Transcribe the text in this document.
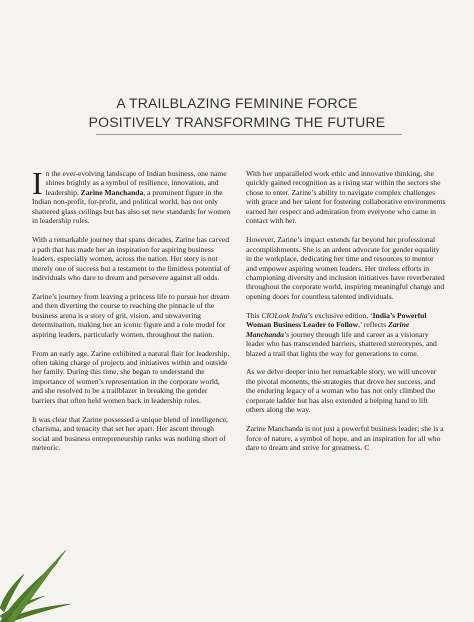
A TRAILBLAZING FEMININE FORCE
POSITIVELY TRANSFORMING THE FUTURE

In the ever-evolving landscape of Indian business, one name shines brightly as a symbol of resilience, innovation, and leadership. Zarine Manchanda, a prominent figure in the Indian non-profit, for-profit, and political world, has not only shattered glass ceilings but has also set new standards for women in leadership roles.

With a remarkable journey that spans decades, Zarine has carved a path that has made her an inspiration for aspiring business leaders, especially women, across the nation. Her story is not merely one of success but a testament to the limitless potential of individuals who dare to dream and persevere against all odds.

Zarine’s journey from leaving a princess life to pursue her dream and then diverting the course to reaching the pinnacle of the business arena is a story of grit, vision, and unwavering determination, making her an iconic figure and a role model for aspiring leaders, particularly women, throughout the nation.

From an early age, Zarine exhibited a natural flair for leadership, often taking charge of projects and initiatives within and outside her family. During this time, she began to understand the importance of women’s representation in the corporate world, and she resolved to be a trailblazer in breaking the gender barriers that often held women back in leadership roles.

It was clear that Zarine possessed a unique blend of intelligence, charisma, and tenacity that set her apart. Her ascent through social and business entrepreneurship ranks was nothing short of meteoric.

With her unparalleled work ethic and innovative thinking, she quickly gained recognition as a rising star within the sectors she chose to enter. Zarine’s ability to navigate complex challenges with grace and her talent for fostering collaborative environments earned her respect and admiration from everyone who came in contact with her.

However, Zarine’s impact extends far beyond her professional accomplishments. She is an ardent advocate for gender equality in the workplace, dedicating her time and resources to mentor and empower aspiring women leaders. Her tireless efforts in championing diversity and inclusion initiatives have reverberated throughout the corporate world, inspiring meaningful change and opening doors for countless talented individuals.

This CIOLook India’s exclusive edition, ‘India’s Powerful Woman Business Leader to Follow,’ reflects Zarine Manchanda’s journey through life and career as a visionary leader who has transcended barriers, shattered stereotypes, and blazed a trail that lights the way for generations to come.

As we delve deeper into her remarkable story, we will uncover the pivotal moments, the strategies that drove her success, and the enduring legacy of a woman who has not only climbed the corporate ladder but has also extended a helping hand to lift others along the way.

Zarine Manchanda is not just a powerful business leader; she is a force of nature, a symbol of hope, and an inspiration for all who dare to dream and strive for greatness. C
